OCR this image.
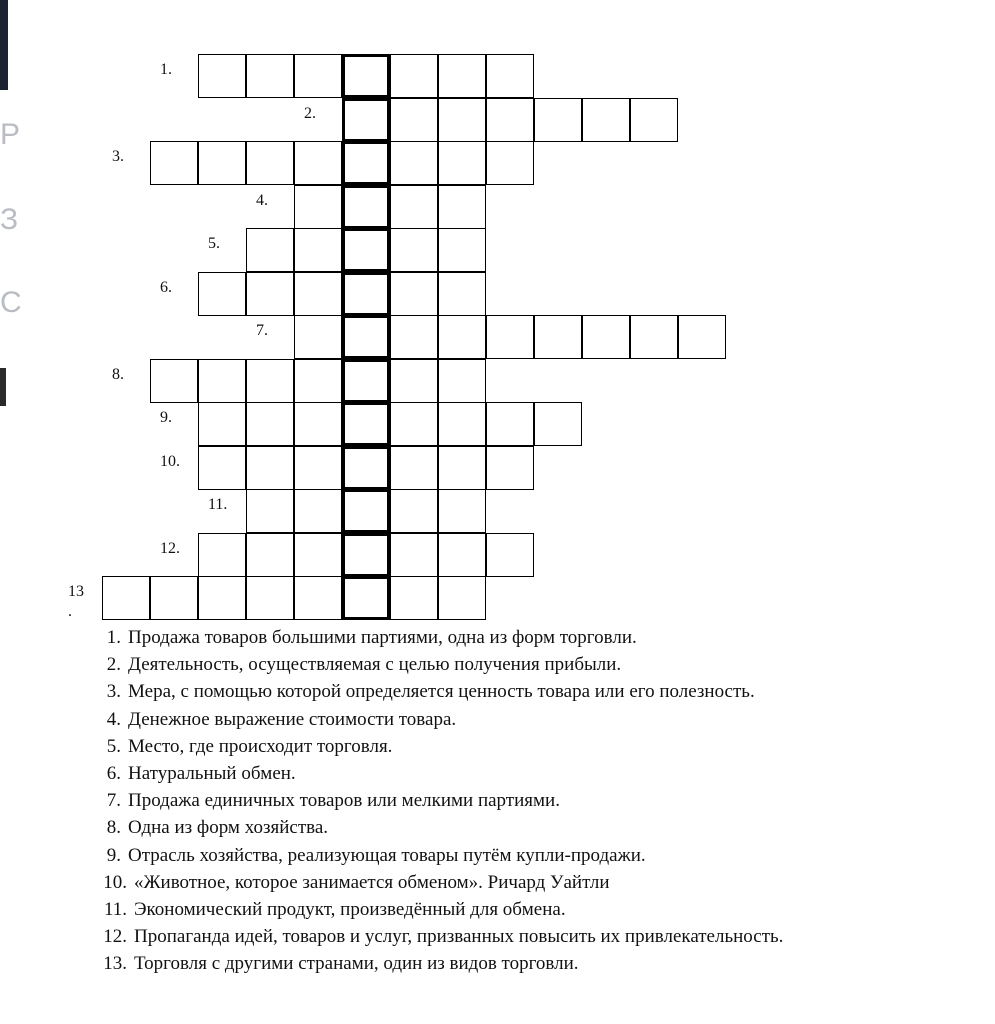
Р
З
С
1.
2.
3.
4.
5.
6.
7.
8.
9.
10.
11.
12.
13
.
1. Продажа товаров большими партиями, одна из форм торговли.
2. Деятельность, осуществляемая с целью получения прибыли.
3. Мера, с помощью которой определяется ценность товара или его полезность.
4. Денежное выражение стоимости товара.
5. Место, где происходит торговля.
6. Натуральный обмен.
7. Продажа единичных товаров или мелкими партиями.
8. Одна из форм хозяйства.
9. Отрасль хозяйства, реализующая товары путём купли-продажи.
10. «Животное, которое занимается обменом». Ричард Уайтли
11. Экономический продукт, произведённый для обмена.
12. Пропаганда идей, товаров и услуг, призванных повысить их привлекательность.
13. Торговля с другими странами, один из видов торговли.
